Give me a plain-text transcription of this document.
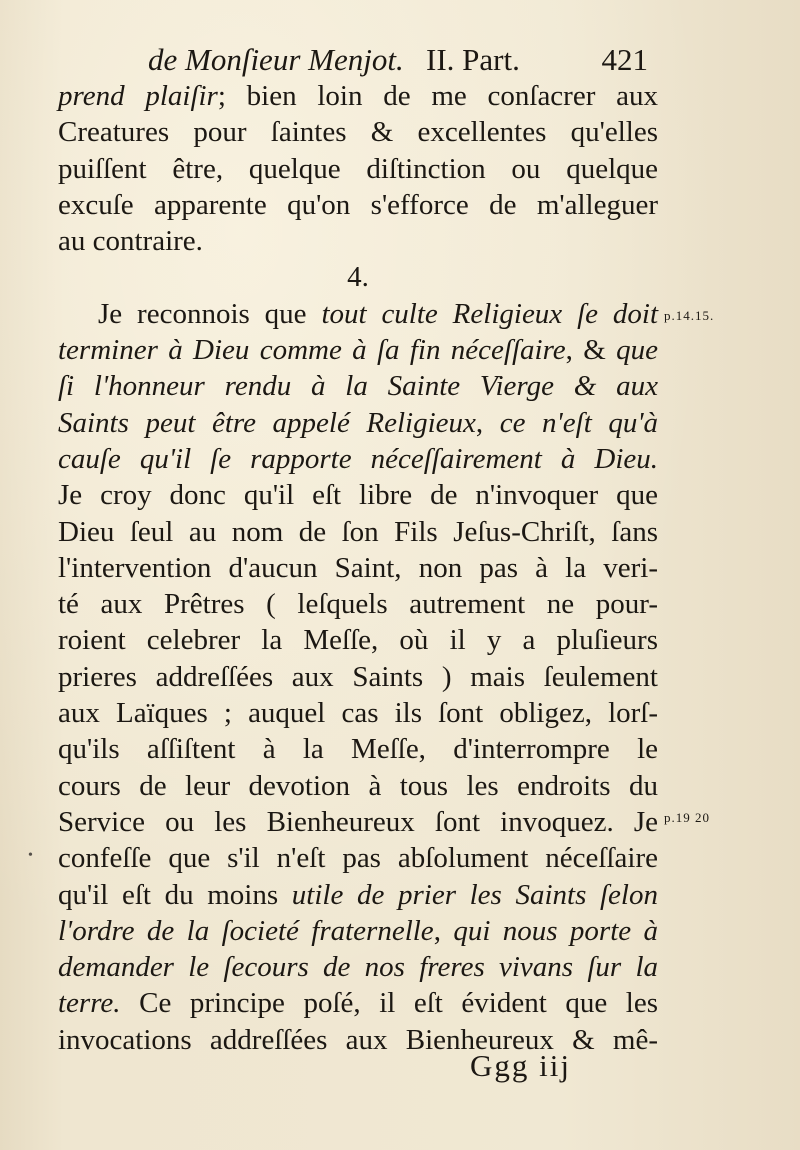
de Monſieur Menjot. II. Part.	421
prend plaiſir; bien loin de me conſacrer aux
Creatures pour ſaintes & excellentes qu'elles
puiſſent être, quelque diſtinction ou quelque
excuſe apparente qu'on s'efforce de m'alleguer
au contraire.
4.
Je reconnois que tout culte Religieux ſe doit
terminer à Dieu comme à ſa fin néceſſaire, & que
ſi l'honneur rendu à la Sainte Vierge & aux
Saints peut être appelé Religieux, ce n'eſt qu'à
cauſe qu'il ſe rapporte néceſſairement à Dieu.
Je croy donc qu'il eſt libre de n'invoquer que
Dieu ſeul au nom de ſon Fils Jeſus-Chriſt, ſans
l'intervention d'aucun Saint, non pas à la veri-
té aux Prêtres ( leſquels autrement ne pour-
roient celebrer la Meſſe, où il y a pluſieurs
prieres addreſſées aux Saints ) mais ſeulement
aux Laïques ; auquel cas ils ſont obligez, lorſ-
qu'ils aſſiſtent à la Meſſe, d'interrompre le
cours de leur devotion à tous les endroits du
Service ou les Bienheureux ſont invoquez. Je
confeſſe que s'il n'eſt pas abſolument néceſſaire
qu'il eſt du moins utile de prier les Saints ſelon
l'ordre de la ſocieté fraternelle, qui nous porte à
demander le ſecours de nos freres vivans ſur la
terre. Ce principe poſé, il eſt évident que les
invocations addreſſées aux Bienheureux & mê-
p.14.15.
p.19 20
•
Ggg iij
